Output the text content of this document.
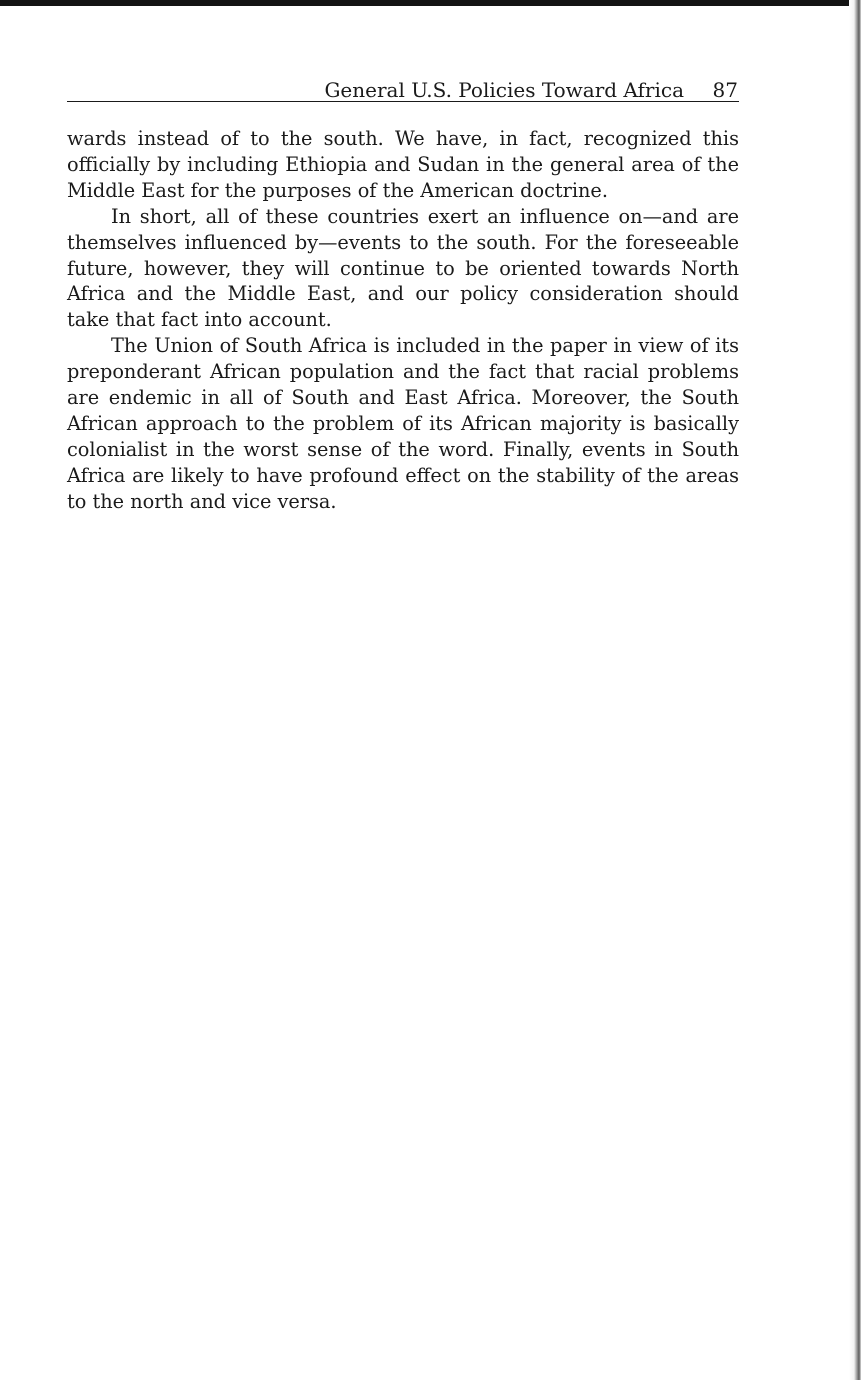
General U.S. Policies Toward Africa 87

wards instead of to the south. We have, in fact, recognized this officially by including Ethiopia and Sudan in the general area of the Middle East for the purposes of the American doctrine.

In short, all of these countries exert an influence on—and are themselves influenced by—events to the south. For the foreseeable future, however, they will continue to be oriented towards North Africa and the Middle East, and our policy consideration should take that fact into account.

The Union of South Africa is included in the paper in view of its preponderant African population and the fact that racial problems are endemic in all of South and East Africa. Moreover, the South African approach to the problem of its African majority is basically colonialist in the worst sense of the word. Finally, events in South Africa are likely to have profound effect on the stability of the areas to the north and vice versa.
